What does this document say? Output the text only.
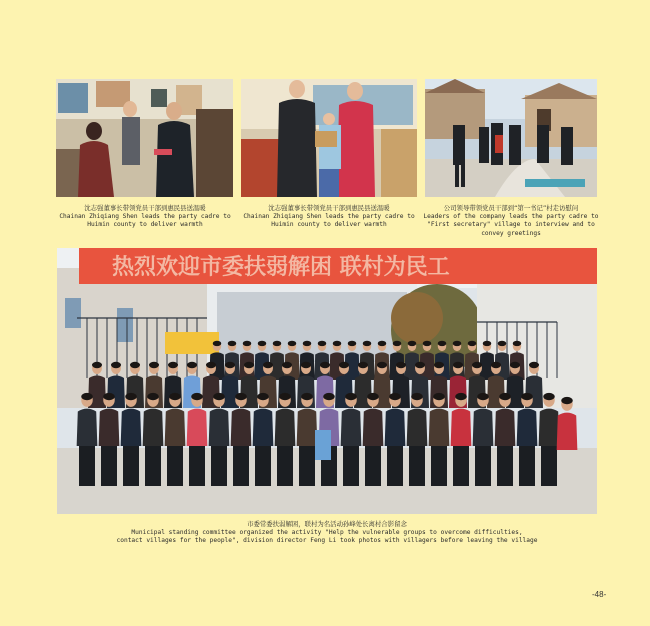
沈志强董事长带领党员干部到惠民县送温暖
Chainan Zhiqiang Shen leads the party cadre to
Huimin county to deliver warmth
沈志强董事长带领党员干部到惠民县送温暖
Chainan Zhiqiang Shen leads the party cadre to
Huimin county to deliver warmth
公司领导带领党员干部到“第一书记”村走访慰问
Leaders of the company leads the party cadre to
"First secretary" village to interview and to
convey greetings
热烈欢迎市委扶弱解困 联村为民工
市委常委扶弱解困，联村为名活动孙峰处长离村合影留念
Municipal standing committee organized the activity "Help the vulnerable groups to overcome difficulties,
contact villages for the people", division director Feng Li took photos with villagers before leaving the village
-48-
